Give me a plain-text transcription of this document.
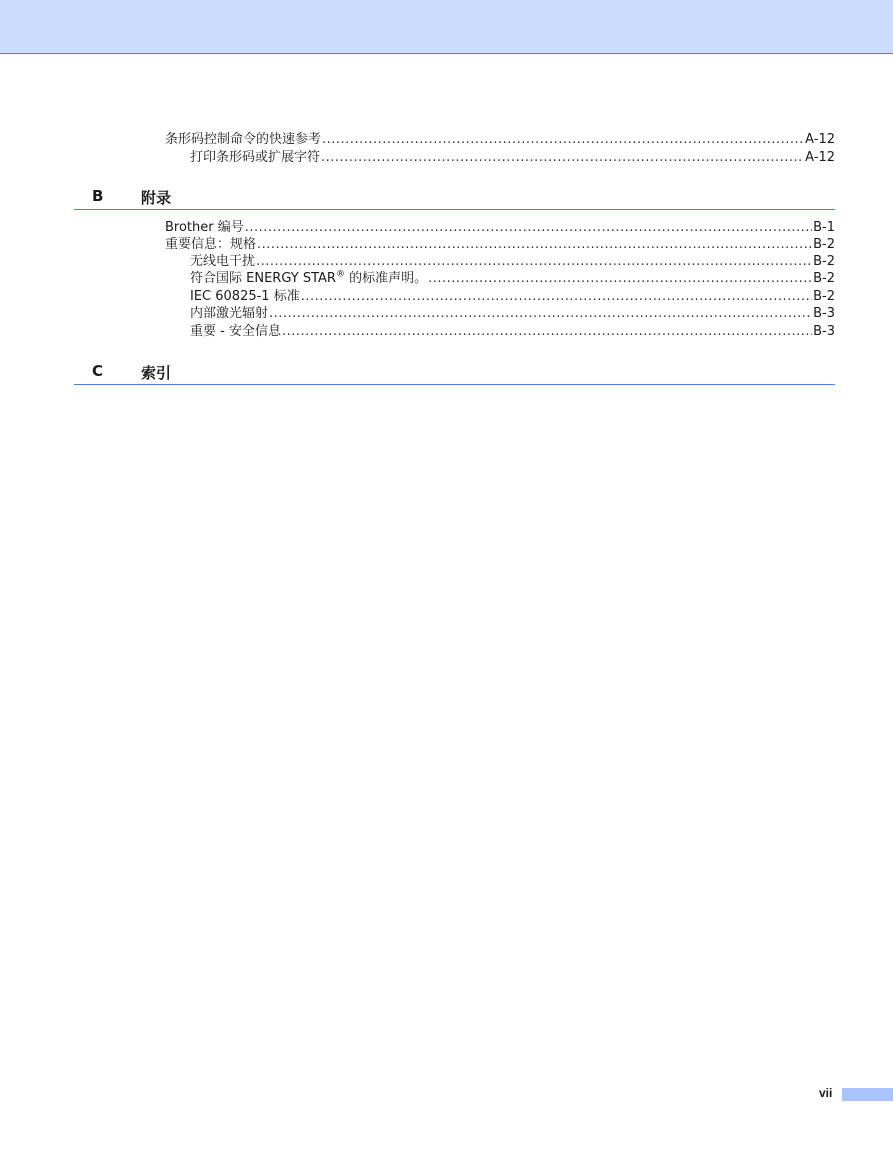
条形码控制命令的快速参考 .....	A-12
打印条形码或扩展字符 .....	A-12
B	附录
Brother 编号 .....	B-1
重要信息：规格 .....	B-2
无线电干扰 .....	B-2
符合国际 ENERGY STAR® 的标准声明。 .....	B-2
IEC 60825-1 标准 .....	B-2
内部激光辐射 .....	B-3
重要 - 安全信息 .....	B-3
C	索引
vii
